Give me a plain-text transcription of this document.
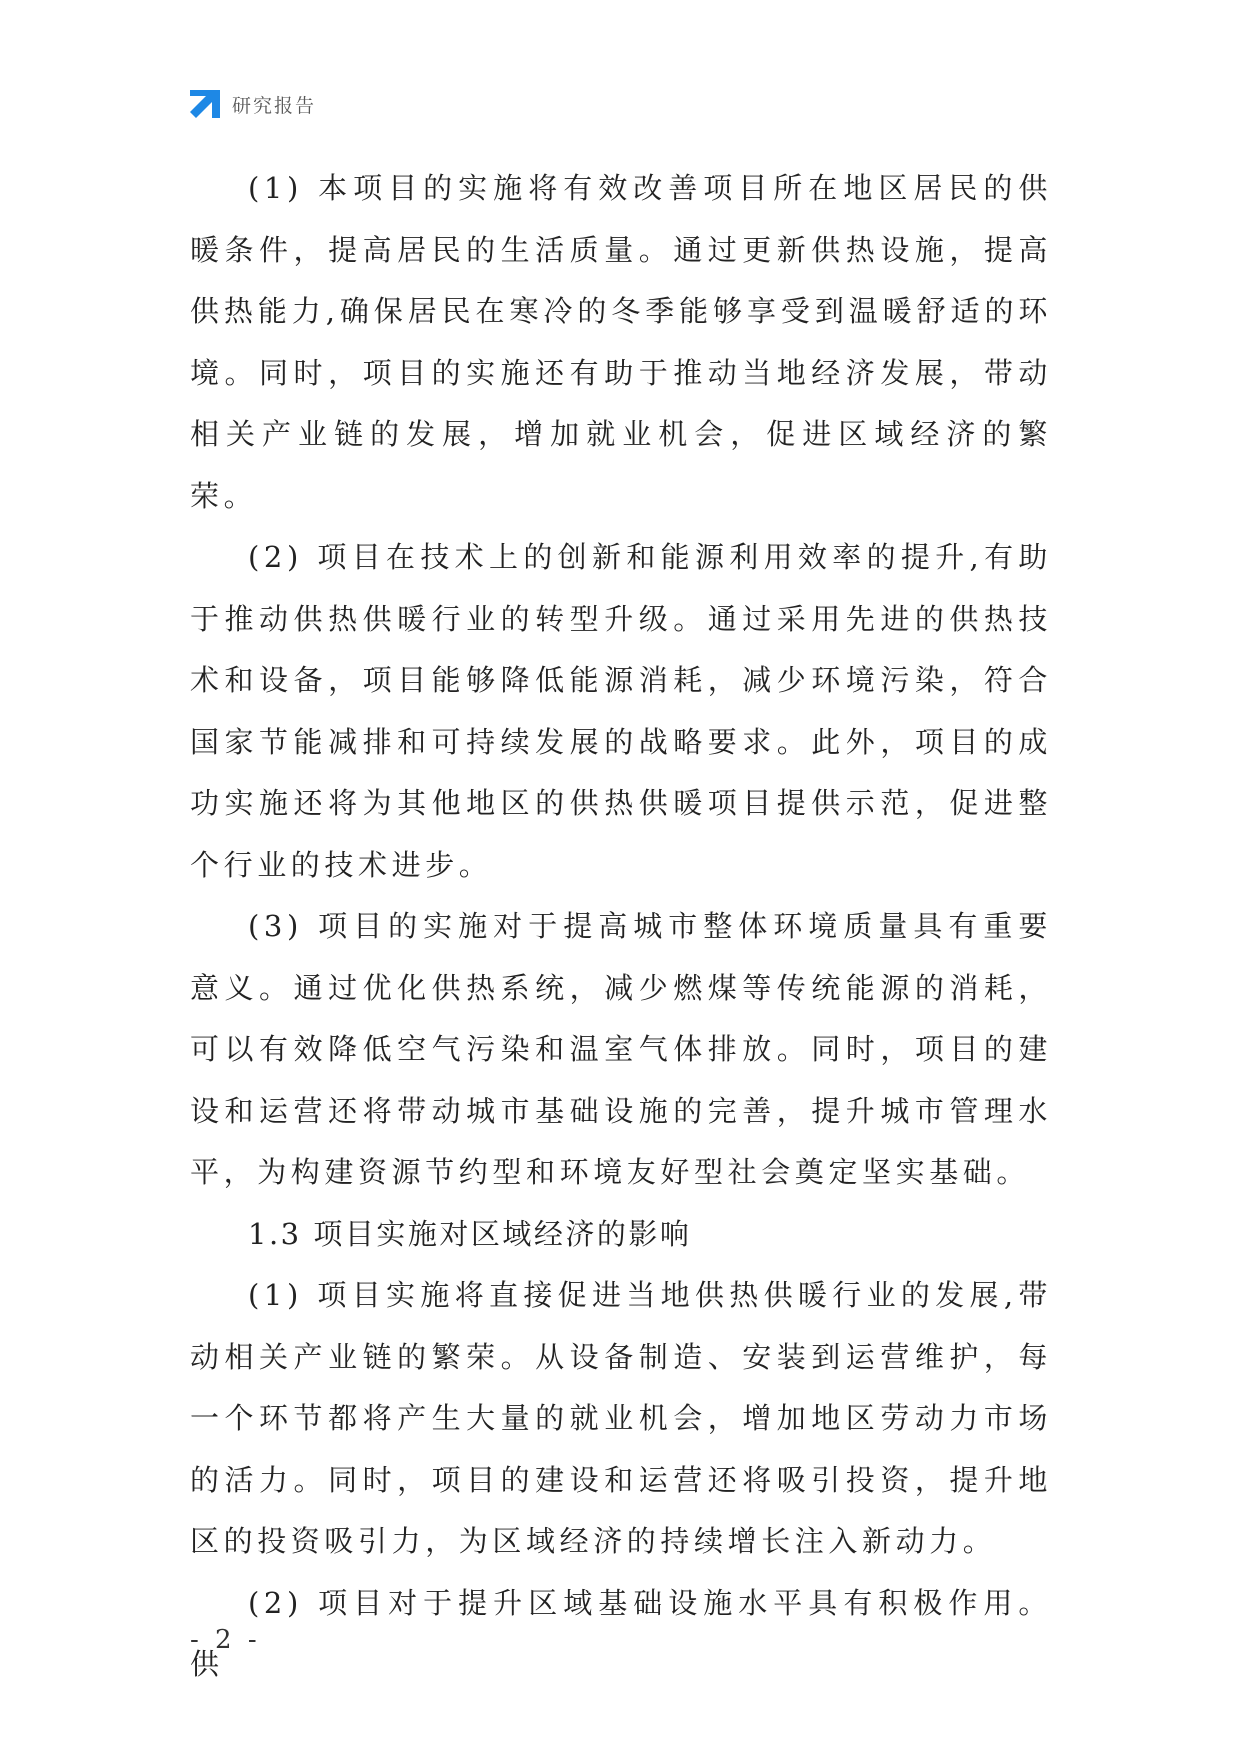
研究报告

(1) 本项目的实施将有效改善项目所在地区居民的供暖条件，提高居民的生活质量。通过更新供热设施，提高供热能力,确保居民在寒冷的冬季能够享受到温暖舒适的环境。同时，项目的实施还有助于推动当地经济发展，带动相关产业链的发展，增加就业机会，促进区域经济的繁荣。

(2) 项目在技术上的创新和能源利用效率的提升,有助于推动供热供暖行业的转型升级。通过采用先进的供热技术和设备，项目能够降低能源消耗，减少环境污染，符合国家节能减排和可持续发展的战略要求。此外，项目的成功实施还将为其他地区的供热供暖项目提供示范，促进整个行业的技术进步。

(3) 项目的实施对于提高城市整体环境质量具有重要意义。通过优化供热系统，减少燃煤等传统能源的消耗，可以有效降低空气污染和温室气体排放。同时，项目的建设和运营还将带动城市基础设施的完善，提升城市管理水平，为构建资源节约型和环境友好型社会奠定坚实基础。

1.3 项目实施对区域经济的影响

(1) 项目实施将直接促进当地供热供暖行业的发展,带动相关产业链的繁荣。从设备制造、安装到运营维护，每一个环节都将产生大量的就业机会，增加地区劳动力市场的活力。同时，项目的建设和运营还将吸引投资，提升地区的投资吸引力，为区域经济的持续增长注入新动力。

(2) 项目对于提升区域基础设施水平具有积极作用。供

- 2 -
